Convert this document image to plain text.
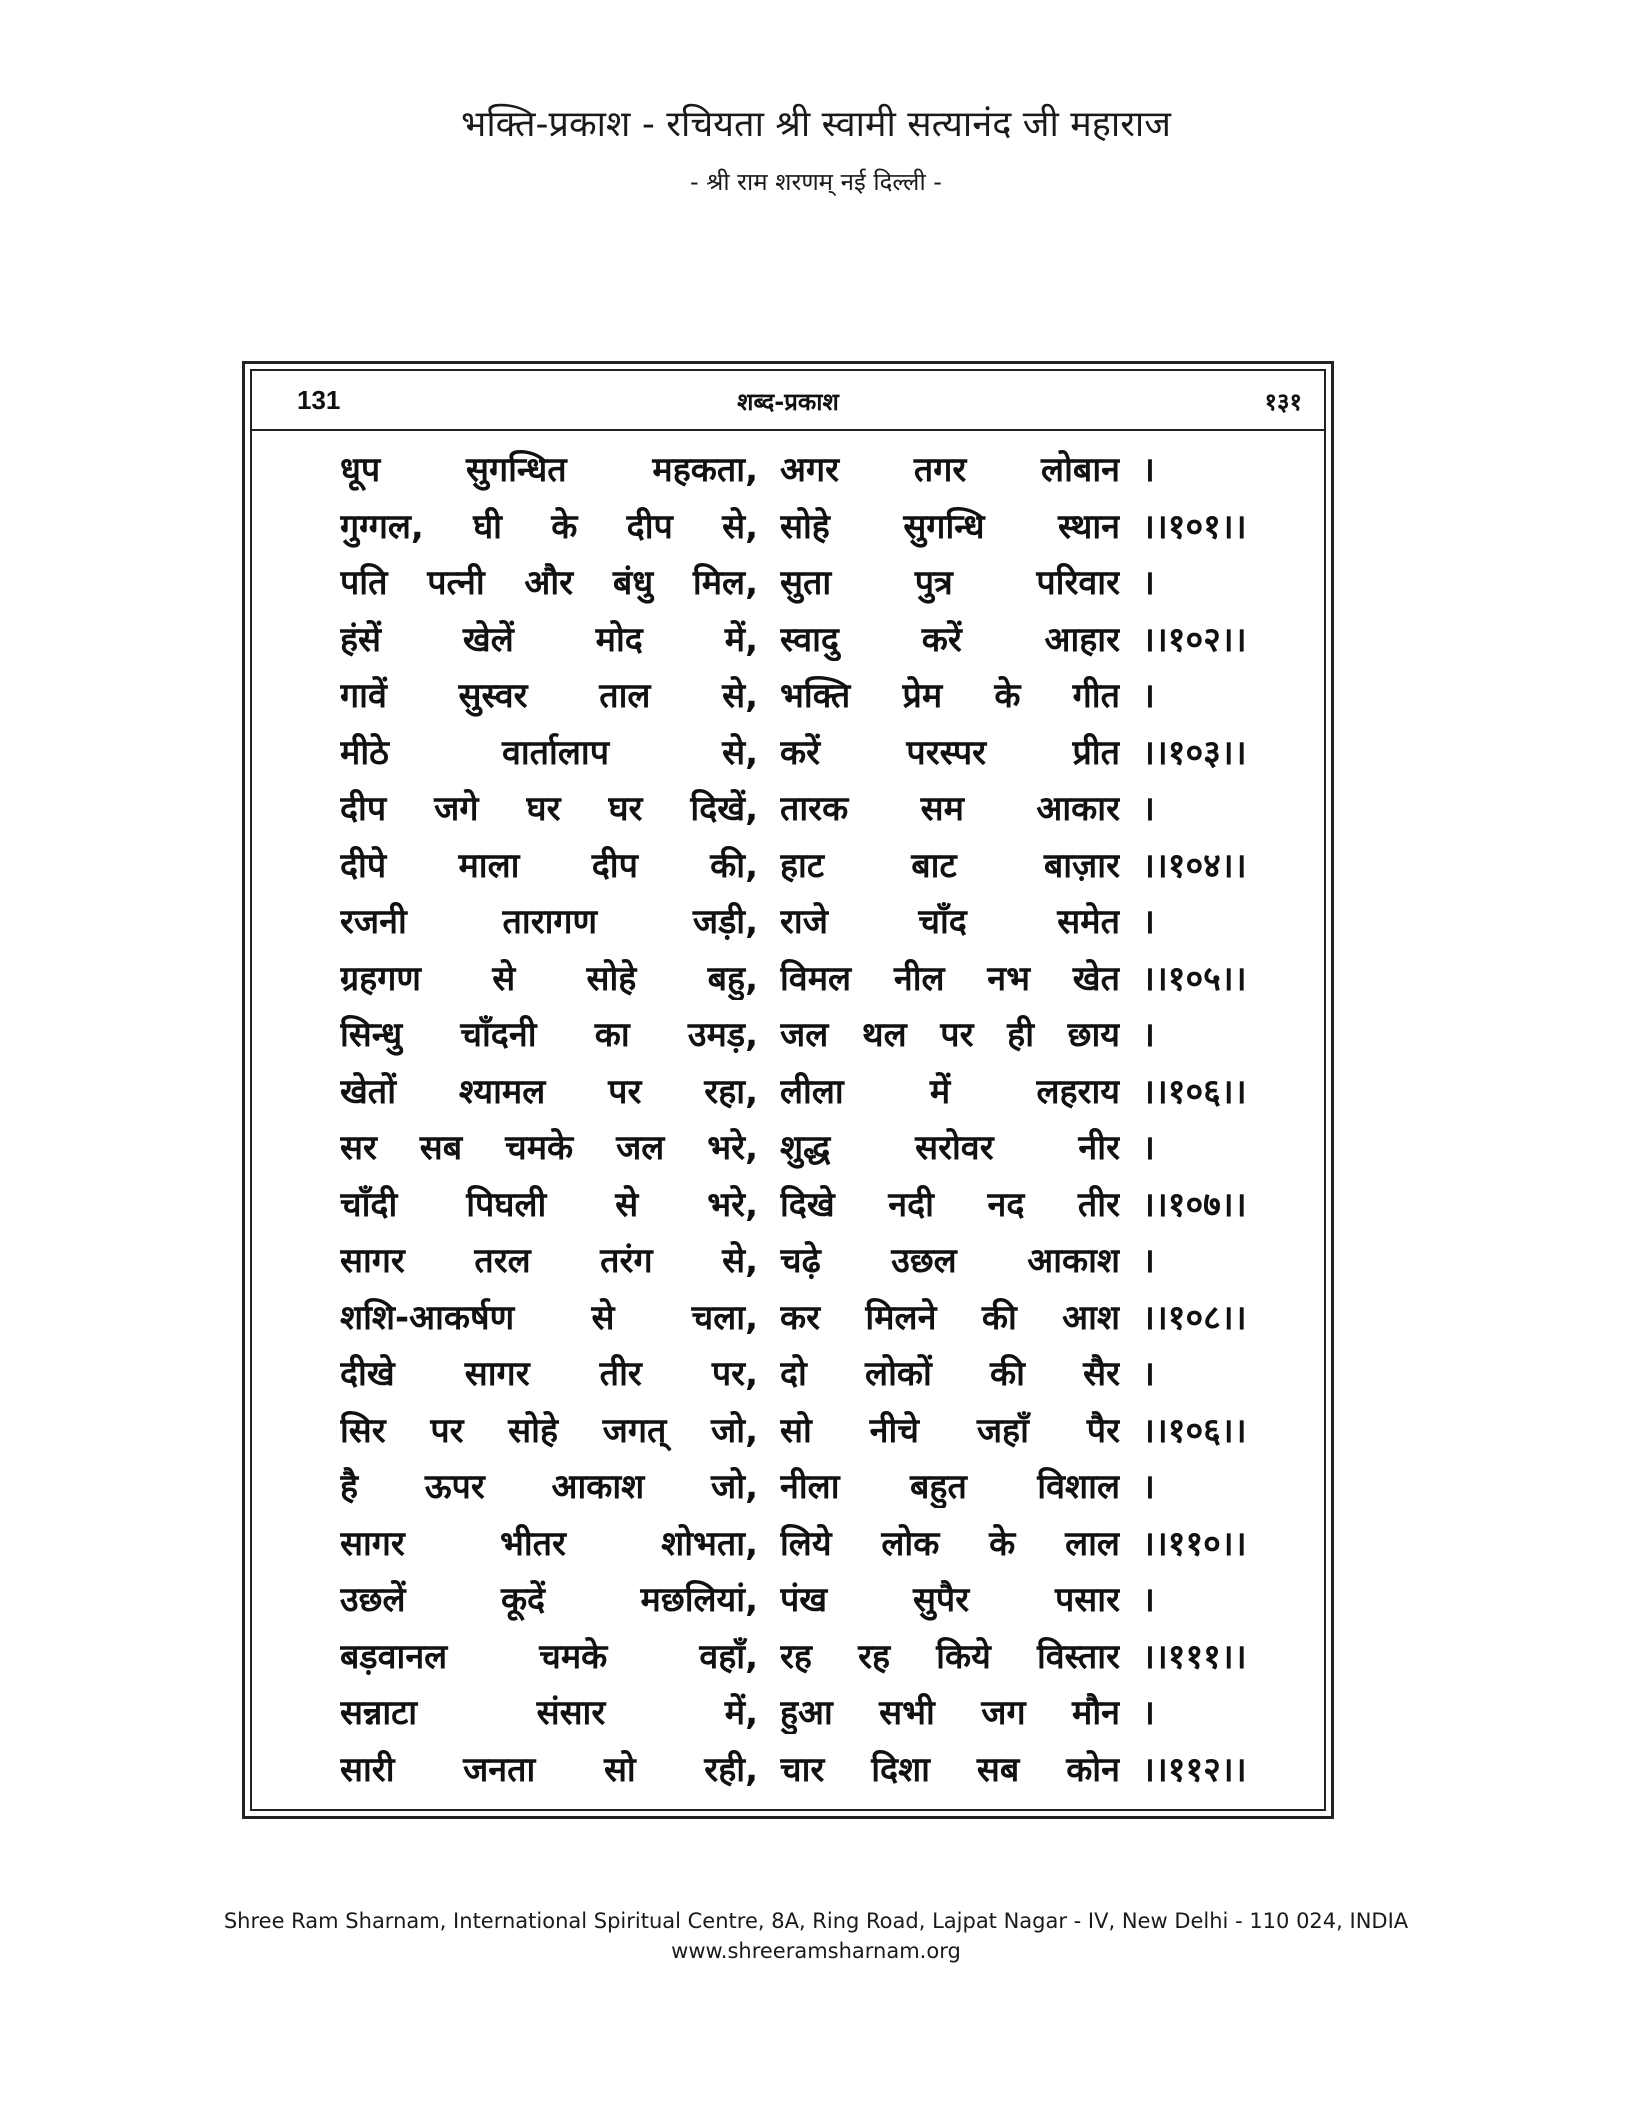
भक्ति-प्रकाश - रचियता श्री स्वामी सत्यानंद जी महाराज
- श्री राम शरणम् नई दिल्ली -
131	शब्द-प्रकाश	१३१
धूप सुगन्धित महकता, अगर तगर लोबान ।
गुग्गल, घी के दीप से, सोहे सुगन्धि स्थान ।।१०१।।
पति पत्नी और बंधु मिल, सुता पुत्र परिवार ।
हंसें खेलें मोद में, स्वादु करें आहार ।।१०२।।
गावें सुस्वर ताल से, भक्ति प्रेम के गीत ।
मीठे वार्तालाप से, करें परस्पर प्रीत ।।१०३।।
दीप जगे घर घर दिखें, तारक सम आकार ।
दीपे माला दीप की, हाट बाट बाज़ार ।।१०४।।
रजनी तारागण जड़ी, राजे चाँद समेत ।
ग्रहगण से सोहे बहु, विमल नील नभ खेत ।।१०५।।
सिन्धु चाँदनी का उमड़, जल थल पर ही छाय ।
खेतों श्यामल पर रहा, लीला में लहराय ।।१०६।।
सर सब चमके जल भरे, शुद्ध सरोवर नीर ।
चाँदी पिघली से भरे, दिखे नदी नद तीर ।।१०७।।
सागर तरल तरंग से, चढ़े उछल आकाश ।
शशि-आकर्षण से चला, कर मिलने की आश ।।१०८।।
दीखे सागर तीर पर, दो लोकों की सैर ।
सिर पर सोहे जगत् जो, सो नीचे जहाँ पैर ।।१०६।।
है ऊपर आकाश जो, नीला बहुत विशाल ।
सागर भीतर शोभता, लिये लोक के लाल ।।११०।।
उछलें कूदें मछलियां, पंख सुपैर पसार ।
बड़वानल चमके वहाँ, रह रह किये विस्तार ।।१११।।
सन्नाटा संसार में, हुआ सभी जग मौन ।
सारी जनता सो रही, चार दिशा सब कोन ।।११२।।
Shree Ram Sharnam, International Spiritual Centre, 8A, Ring Road, Lajpat Nagar - IV, New Delhi - 110 024, INDIA
www.shreeramsharnam.org
